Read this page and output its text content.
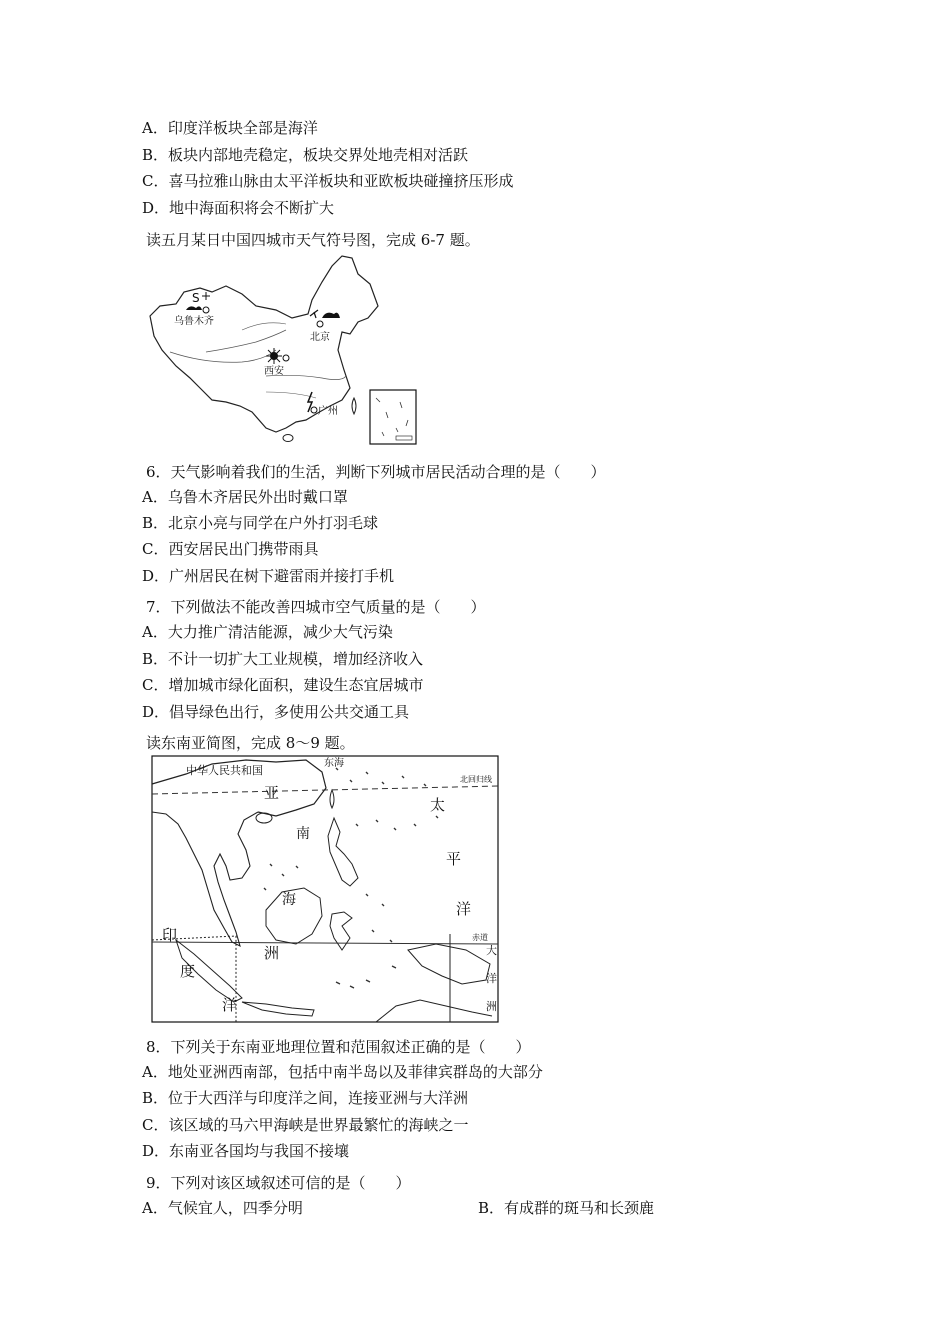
A．印度洋板块全部是海洋
B．板块内部地壳稳定，板块交界处地壳相对活跃
C．喜马拉雅山脉由太平洋板块和亚欧板块碰撞挤压形成
D．地中海面积将会不断扩大
读五月某日中国四城市天气符号图，完成 6-7 题。
S
乌鲁木齐
北京
西安
广州
6．天气影响着我们的生活，判断下列城市居民活动合理的是（　　）
A．乌鲁木齐居民外出时戴口罩
B．北京小亮与同学在户外打羽毛球
C．西安居民出门携带雨具
D．广州居民在树下避雷雨并接打手机
7．下列做法不能改善四城市空气质量的是（　　）
A．大力推广清洁能源，减少大气污染
B．不计一切扩大工业规模，增加经济收入
C．增加城市绿化面积，建设生态宜居城市
D．倡导绿色出行，多使用公共交通工具
读东南亚简图，完成 8～9 题。
中华人民共和国
东海
北回归线
亚
南
海
太
平
洋
赤道
洲
印
度
洋
大
洋
洲
8．下列关于东南亚地理位置和范围叙述正确的是（　　）
A．地处亚洲西南部，包括中南半岛以及菲律宾群岛的大部分
B．位于大西洋与印度洋之间，连接亚洲与大洋洲
C．该区域的马六甲海峡是世界最繁忙的海峡之一
D．东南亚各国均与我国不接壤
9．下列对该区域叙述可信的是（　　）
A．气候宜人，四季分明	B．有成群的斑马和长颈鹿
